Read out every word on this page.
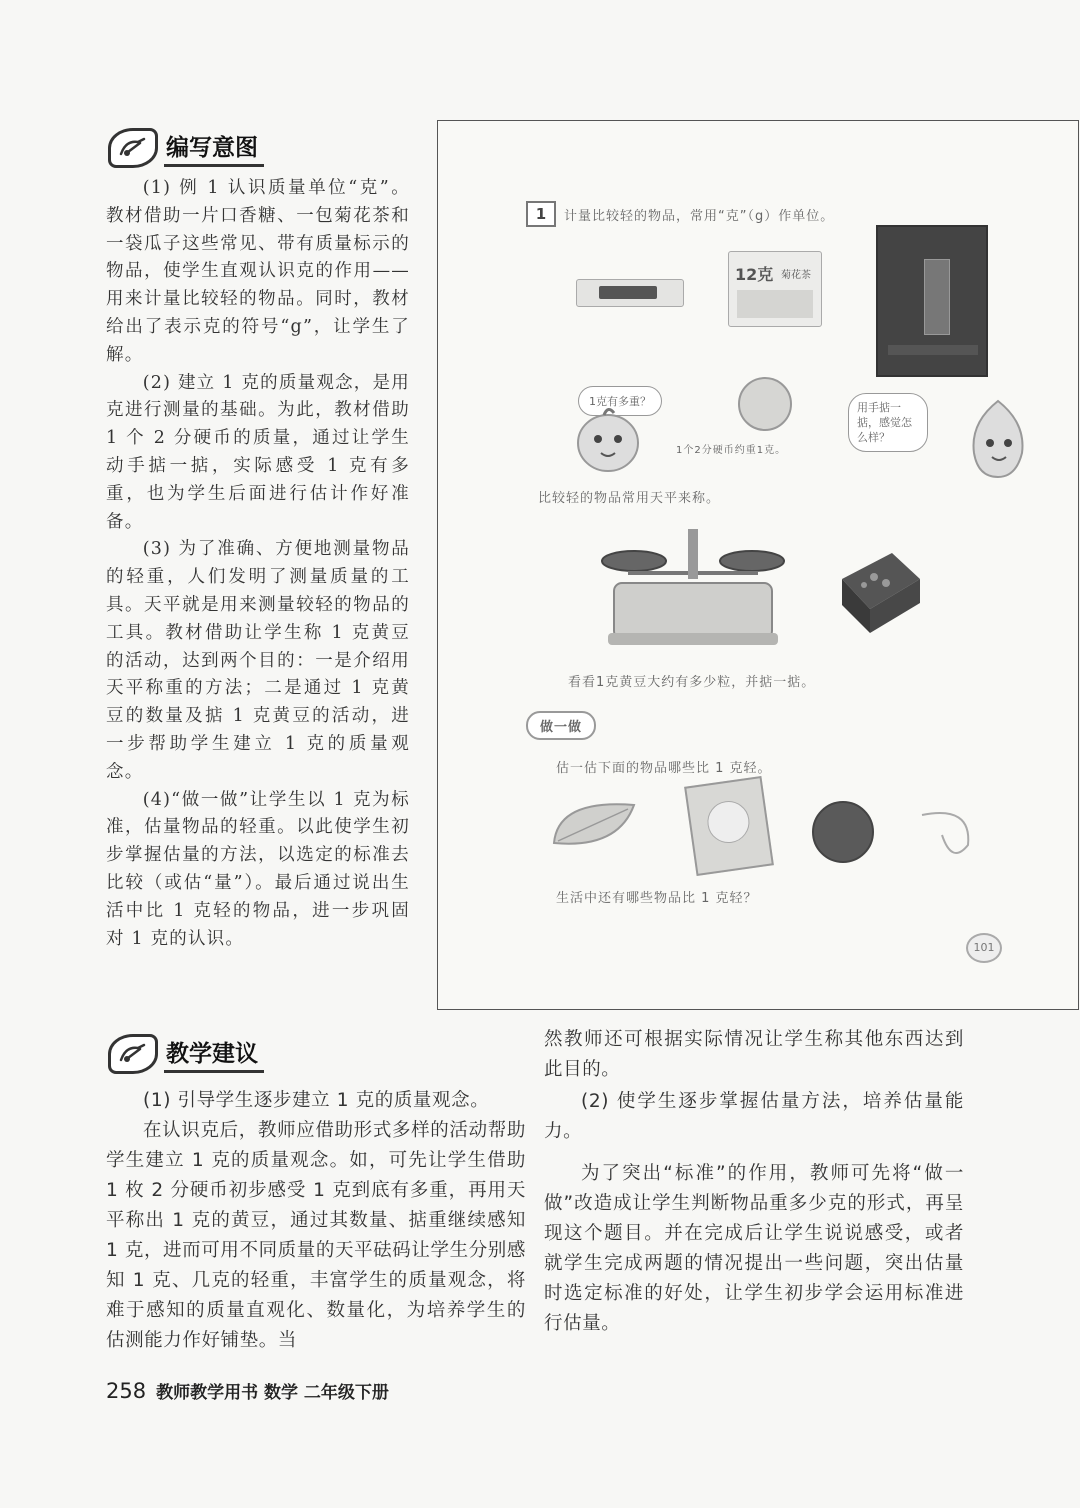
编写意图

(1) 例 1 认识质量单位“克”。教材借助一片口香糖、一包菊花茶和一袋瓜子这些常见、带有质量标示的物品，使学生直观认识克的作用——用来计量比较轻的物品。同时，教材给出了表示克的符号“g”，让学生了解。

(2) 建立 1 克的质量观念，是用克进行测量的基础。为此，教材借助 1 个 2 分硬币的质量，通过让学生动手掂一掂，实际感受 1 克有多重，也为学生后面进行估计作好准备。

(3) 为了准确、方便地测量物品的轻重，人们发明了测量质量的工具。天平就是用来测量较轻的物品的工具。教材借助让学生称 1 克黄豆的活动，达到两个目的：一是介绍用天平称重的方法；二是通过 1 克黄豆的数量及掂 1 克黄豆的活动，进一步帮助学生建立 1 克的质量观念。

(4)“做一做”让学生以 1 克为标准，估量物品的轻重。以此使学生初步掌握估量的方法，以选定的标准去比较（或估“量”）。最后通过说出生活中比 1 克轻的物品，进一步巩固对 1 克的认识。

1	计量比较轻的物品，常用“克”（g）作单位。
12克 菊花茶
1克有多重？
1个2分硬币约重1克。
用手掂一掂，感觉怎么样？
比较轻的物品常用天平来称。
看看1克黄豆大约有多少粒，并掂一掂。
做一做
估一估下面的物品哪些比 1 克轻。
生活中还有哪些物品比 1 克轻？
101
教学建议

(1) 引导学生逐步建立 1 克的质量观念。

在认识克后，教师应借助形式多样的活动帮助学生建立 1 克的质量观念。如，可先让学生借助 1 枚 2 分硬币初步感受 1 克到底有多重，再用天平称出 1 克的黄豆，通过其数量、掂重继续感知 1 克，进而可用不同质量的天平砝码让学生分别感知 1 克、几克的轻重，丰富学生的质量观念，将难于感知的质量直观化、数量化，为培养学生的估测能力作好铺垫。当

然教师还可根据实际情况让学生称其他东西达到此目的。

(2) 使学生逐步掌握估量方法，培养估量能力。

为了突出“标准”的作用，教师可先将“做一做”改造成让学生判断物品重多少克的形式，再呈现这个题目。并在完成后让学生说说感受，或者就学生完成两题的情况提出一些问题，突出估量时选定标准的好处，让学生初步学会运用标准进行估量。

258 教师教学用书 数学 二年级下册
